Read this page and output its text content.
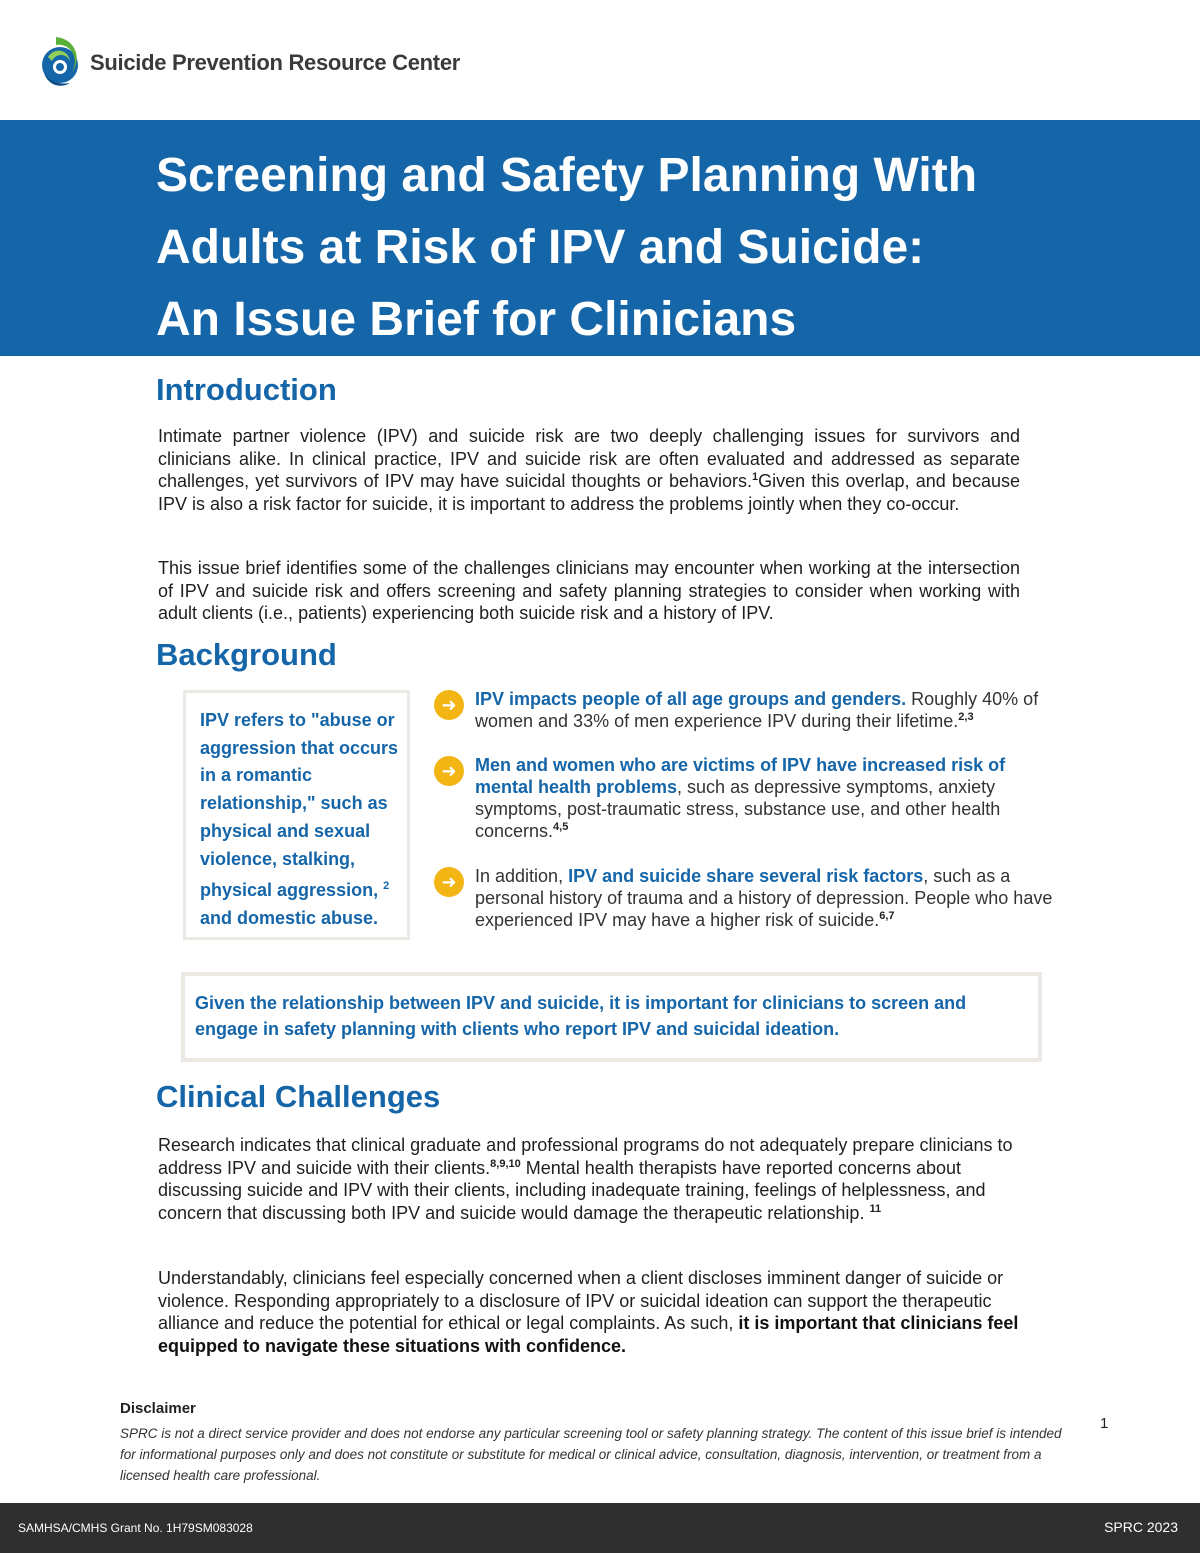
Suicide Prevention Resource Center
Screening and Safety Planning With
Adults at Risk of IPV and Suicide:
An Issue Brief for Clinicians
Introduction
Intimate partner violence (IPV) and suicide risk are two deeply challenging issues for survivors and clinicians alike. In clinical practice, IPV and suicide risk are often evaluated and addressed as separate challenges, yet survivors of IPV may have suicidal thoughts or behaviors.$^1$Given this overlap, and because IPV is also a risk factor for suicide, it is important to address the problems jointly when they co-occur.
This issue brief identifies some of the challenges clinicians may encounter when working at the intersection of IPV and suicide risk and offers screening and safety planning strategies to consider when working with adult clients (i.e., patients) experiencing both suicide risk and a history of IPV.
Background
IPV refers to "abuse or aggression that occurs in a romantic relationship," such as physical and sexual violence, stalking, physical aggression, $^2$ and domestic abuse.
➜	IPV impacts people of all age groups and genders. Roughly 40% of women and 33% of men experience IPV during their lifetime.$^{2,3}$
➜	Men and women who are victims of IPV have increased risk of mental health problems, such as depressive symptoms, anxiety symptoms, post-traumatic stress, substance use, and other health concerns.$^{4,5}$
➜	In addition, IPV and suicide share several risk factors, such as a personal history of trauma and a history of depression. People who have experienced IPV may have a higher risk of suicide.$^{6,7}$
Given the relationship between IPV and suicide, it is important for clinicians to screen and engage in safety planning with clients who report IPV and suicidal ideation.
Clinical Challenges
Research indicates that clinical graduate and professional programs do not adequately prepare clinicians to address IPV and suicide with their clients.$^{8,9,10}$ Mental health therapists have reported concerns about discussing suicide and IPV with their clients, including inadequate training, feelings of helplessness, and concern that discussing both IPV and suicide would damage the therapeutic relationship. $^{11}$
Understandably, clinicians feel especially concerned when a client discloses imminent danger of suicide or violence. Responding appropriately to a disclosure of IPV or suicidal ideation can support the therapeutic alliance and reduce the potential for ethical or legal complaints. As such, it is important that clinicians feel equipped to navigate these situations with confidence.
Disclaimer
SPRC is not a direct service provider and does not endorse any particular screening tool or safety planning strategy. The content of this issue brief is intended for informational purposes only and does not constitute or substitute for medical or clinical advice, consultation, diagnosis, intervention, or treatment from a licensed health care professional.
1
SAMHSA/CMHS Grant No. 1H79SM083028	SPRC 2023
